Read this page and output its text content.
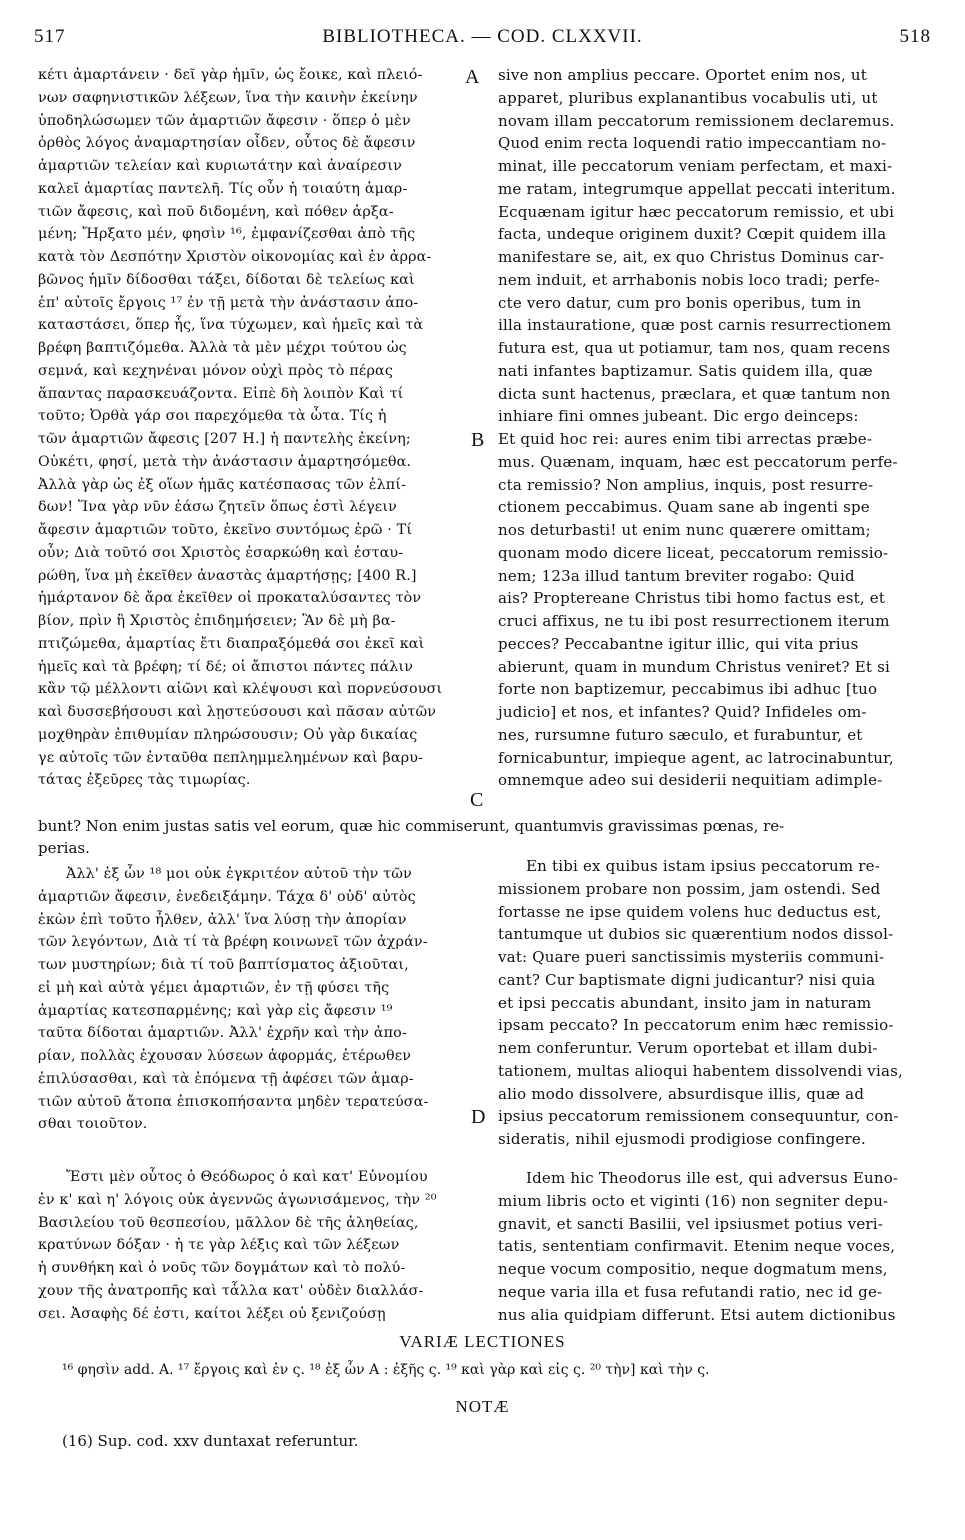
517	BIBLIOTHECA. — COD. CLXXVII.	518
A
B
C
D
κέτι ἁμαρτάνειν · δεῖ γὰρ ἡμῖν, ὡς ἔοικε, καὶ πλειό-
νων σαφηνιστικῶν λέξεων, ἵνα τὴν καινὴν ἐκείνην
ὑποδηλώσωμεν τῶν ἁμαρτιῶν ἄφεσιν · ὅπερ ὁ μὲν
ὀρθὸς λόγος ἀναμαρτησίαν οἶδεν, οὗτος δὲ ἄφεσιν
ἁμαρτιῶν τελείαν καὶ κυριωτάτην καὶ ἀναίρεσιν
καλεῖ ἁμαρτίας παντελῆ. Τίς οὖν ἡ τοιαύτη ἁμαρ-
τιῶν ἄφεσις, καὶ ποῦ διδομένη, καὶ πόθεν ἀρξα-
μένη; Ἤρξατο μέν, φησὶν ¹⁶, ἐμφανίζεσθαι ἀπὸ τῆς
κατὰ τὸν Δεσπότην Χριστὸν οἰκονομίας καὶ ἐν ἀρρα-
βῶνος ἡμῖν δίδοσθαι τάξει, δίδοται δὲ τελείως καὶ
ἐπ' αὐτοῖς ἔργοις ¹⁷ ἐν τῇ μετὰ τὴν ἀνάστασιν ἀπο-
καταστάσει, ὅπερ ἧς, ἵνα τύχωμεν, καὶ ἡμεῖς καὶ τὰ
βρέφη βαπτιζόμεθα. Ἀλλὰ τὰ μὲν μέχρι τούτου ὡς
σεμνά, καὶ κεχηνέναι μόνον οὐχὶ πρὸς τὸ πέρας
ἅπαντας παρασκευάζοντα. Εἰπὲ δὴ λοιπὸν Καὶ τί
τοῦτο; Ὀρθὰ γάρ σοι παρεχόμεθα τὰ ὦτα. Τίς ἡ
τῶν ἁμαρτιῶν ἄφεσις [207 Η.] ἡ παντελὴς ἐκείνη;
Οὐκέτι, φησί, μετὰ τὴν ἀνάστασιν ἁμαρτησόμεθα.
Ἀλλὰ γὰρ ὡς ἐξ οἵων ἡμᾶς κατέσπασας τῶν ἐλπί-
δων! Ἵνα γὰρ νῦν ἐάσω ζητεῖν ὅπως ἐστὶ λέγειν
ἄφεσιν ἁμαρτιῶν τοῦτο, ἐκεῖνο συντόμως ἐρῶ · Τί
οὖν; Διὰ τοῦτό σοι Χριστὸς ἐσαρκώθη καὶ ἐσταυ-
ρώθη, ἵνα μὴ ἐκεῖθεν ἀναστὰς ἁμαρτήσῃς; [400 R.]
ἡμάρτανον δὲ ἄρα ἐκεῖθεν οἱ προκαταλύσαντες τὸν
βίον, πρὶν ἢ Χριστὸς ἐπιδημήσειεν; Ἂν δὲ μὴ βα-
πτιζώμεθα, ἁμαρτίας ἔτι διαπραξόμεθά σοι ἐκεῖ καὶ
ἡμεῖς καὶ τὰ βρέφη; τί δέ; οἱ ἄπιστοι πάντες πάλιν
κἂν τῷ μέλλοντι αἰῶνι καὶ κλέψουσι καὶ πορνεύσουσι
καὶ δυσσεβήσουσι καὶ λῃστεύσουσι καὶ πᾶσαν αὐτῶν
μοχθηρὰν ἐπιθυμίαν πληρώσουσιν; Οὐ γὰρ δικαίας
γε αὐτοῖς τῶν ἐνταῦθα πεπλημμελημένων καὶ βαρυ-
τάτας ἐξεῦρες τὰς τιμωρίας.
sive non amplius peccare. Oportet enim nos, ut
apparet, pluribus explanantibus vocabulis uti, ut
novam illam peccatorum remissionem declaremus.
Quod enim recta loquendi ratio impeccantiam no-
minat, ille peccatorum veniam perfectam, et maxi-
me ratam, integrumque appellat peccati interitum.
Ecquænam igitur hæc peccatorum remissio, et ubi
facta, undeque originem duxit? Cœpit quidem illa
manifestare se, ait, ex quo Christus Dominus car-
nem induit, et arrhabonis nobis loco tradi; perfe-
cte vero datur, cum pro bonis operibus, tum in
illa instauratione, quæ post carnis resurrectionem
futura est, qua ut potiamur, tam nos, quam recens
nati infantes baptizamur. Satis quidem illa, quæ
dicta sunt hactenus, præclara, et quæ tantum non
inhiare fini omnes jubeant. Dic ergo deinceps:
Et quid hoc rei: aures enim tibi arrectas præbe-
mus. Quænam, inquam, hæc est peccatorum perfe-
cta remissio? Non amplius, inquis, post resurre-
ctionem peccabimus. Quam sane ab ingenti spe
nos deturbasti! ut enim nunc quærere omittam;
quonam modo dicere liceat, peccatorum remissio-
nem; 123a illud tantum breviter rogabo: Quid
ais? Proptereane Christus tibi homo factus est, et
cruci affixus, ne tu ibi post resurrectionem iterum
pecces? Peccabantne igitur illic, qui vita prius
abierunt, quam in mundum Christus veniret? Et si
forte non baptizemur, peccabimus ibi adhuc [tuo
judicio] et nos, et infantes? Quid? Infideles om-
nes, rursumne futuro sæculo, et furabuntur, et
fornicabuntur, impieque agent, ac latrocinabuntur,
omnemque adeo sui desiderii nequitiam adimple-
bunt? Non enim justas satis vel eorum, quæ hic commiserunt, quantumvis gravissimas pœnas, re-
perias.
Ἀλλ' ἐξ ὧν ¹⁸ μοι οὐκ ἐγκριτέον αὐτοῦ τὴν τῶν
ἁμαρτιῶν ἄφεσιν, ἐνεδειξάμην. Τάχα δ' οὐδ' αὐτὸς
ἑκὼν ἐπὶ τοῦτο ἦλθεν, ἀλλ' ἵνα λύσῃ τὴν ἀπορίαν
τῶν λεγόντων, Διὰ τί τὰ βρέφη κοινωνεῖ τῶν ἀχράν-
των μυστηρίων; διὰ τί τοῦ βαπτίσματος ἀξιοῦται,
εἰ μὴ καὶ αὐτὰ γέμει ἁμαρτιῶν, ἐν τῇ φύσει τῆς
ἁμαρτίας κατεσπαρμένης; καὶ γὰρ εἰς ἄφεσιν ¹⁹
ταῦτα δίδοται ἁμαρτιῶν. Ἀλλ' ἐχρῆν καὶ τὴν ἀπο-
ρίαν, πολλὰς ἐχουσαν λύσεων ἀφορμάς, ἑτέρωθεν
ἐπιλύσασθαι, καὶ τὰ ἑπόμενα τῇ ἀφέσει τῶν ἁμαρ-
τιῶν αὐτοῦ ἄτοπα ἐπισκοπήσαντα μηδὲν τερατεύσα-
σθαι τοιοῦτον.
En tibi ex quibus istam ipsius peccatorum re-
missionem probare non possim, jam ostendi. Sed
fortasse ne ipse quidem volens huc deductus est,
tantumque ut dubios sic quærentium nodos dissol-
vat: Quare pueri sanctissimis mysteriis communi-
cant? Cur baptismate digni judicantur? nisi quia
et ipsi peccatis abundant, insito jam in naturam
ipsam peccato? In peccatorum enim hæc remissio-
nem conferuntur. Verum oportebat et illam dubi-
tationem, multas alioqui habentem dissolvendi vias,
alio modo dissolvere, absurdisque illis, quæ ad
ipsius peccatorum remissionem consequuntur, con-
sideratis, nihil ejusmodi prodigiose confingere.
Ἔστι μὲν οὗτος ὁ Θεόδωρος ὁ καὶ κατ' Εὐνομίου
ἐν κ' καὶ η' λόγοις οὐκ ἀγεννῶς ἀγωνισάμενος, τὴν ²⁰
Βασιλείου τοῦ θεσπεσίου, μᾶλλον δὲ τῆς ἀληθείας,
κρατύνων δόξαν · ἡ τε γὰρ λέξις καὶ τῶν λέξεων
ἡ συνθήκη καὶ ὁ νοῦς τῶν δογμάτων καὶ τὸ πολύ-
χουν τῆς ἀνατροπῆς καὶ τἆλλα κατ' οὐδὲν διαλλάσ-
σει. Ἀσαφὴς δέ ἐστι, καίτοι λέξει οὐ ξενιζούσῃ
Idem hic Theodorus ille est, qui adversus Euno-
mium libris octo et viginti (16) non segniter depu-
gnavit, et sancti Basilii, vel ipsiusmet potius veri-
tatis, sententiam confirmavit. Etenim neque voces,
neque vocum compositio, neque dogmatum mens,
neque varia illa et fusa refutandi ratio, nec id ge-
nus alia quidpiam differunt. Etsi autem dictionibus
VARIÆ LECTIONES
¹⁶ φησὶν add. A. ¹⁷ ἔργοις καὶ ἐν ς. ¹⁸ ἐξ ὧν A : ἐξῆς ς. ¹⁹ καὶ γὰρ καὶ εἰς ς. ²⁰ τὴν] καὶ τὴν ς.
NOTÆ
(16) Sup. cod. xxv duntaxat referuntur.
